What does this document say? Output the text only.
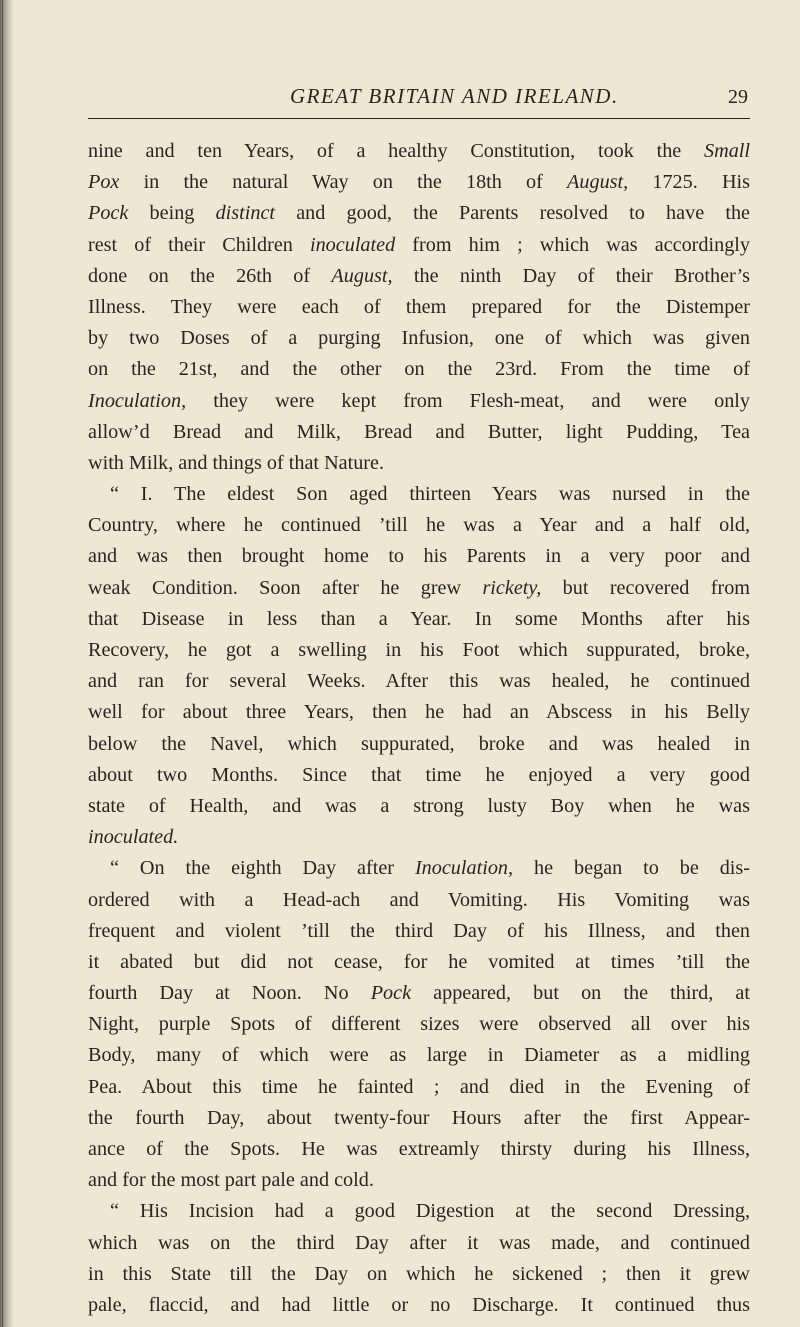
GREAT BRITAIN AND IRELAND.	29
nine and ten Years, of a healthy Constitution, took the Small
Pox in the natural Way on the 18th of August, 1725. His
Pock being distinct and good, the Parents resolved to have the
rest of their Children inoculated from him ; which was accordingly
done on the 26th of August, the ninth Day of their Brother’s
Illness. They were each of them prepared for the Distemper
by two Doses of a purging Infusion, one of which was given
on the 21st, and the other on the 23rd. From the time of
Inoculation, they were kept from Flesh-meat, and were only
allow’d Bread and Milk, Bread and Butter, light Pudding, Tea
with Milk, and things of that Nature.
“ I. The eldest Son aged thirteen Years was nursed in the
Country, where he continued ’till he was a Year and a half old,
and was then brought home to his Parents in a very poor and
weak Condition. Soon after he grew rickety, but recovered from
that Disease in less than a Year. In some Months after his
Recovery, he got a swelling in his Foot which suppurated, broke,
and ran for several Weeks. After this was healed, he continued
well for about three Years, then he had an Abscess in his Belly
below the Navel, which suppurated, broke and was healed in
about two Months. Since that time he enjoyed a very good
state of Health, and was a strong lusty Boy when he was
inoculated.
“ On the eighth Day after Inoculation, he began to be dis-
ordered with a Head-ach and Vomiting. His Vomiting was
frequent and violent ’till the third Day of his Illness, and then
it abated but did not cease, for he vomited at times ’till the
fourth Day at Noon. No Pock appeared, but on the third, at
Night, purple Spots of different sizes were observed all over his
Body, many of which were as large in Diameter as a midling
Pea. About this time he fainted ; and died in the Evening of
the fourth Day, about twenty-four Hours after the first Appear-
ance of the Spots. He was extreamly thirsty during his Illness,
and for the most part pale and cold.
“ His Incision had a good Digestion at the second Dressing,
which was on the third Day after it was made, and continued
in this State till the Day on which he sickened ; then it grew
pale, flaccid, and had little or no Discharge. It continued thus
